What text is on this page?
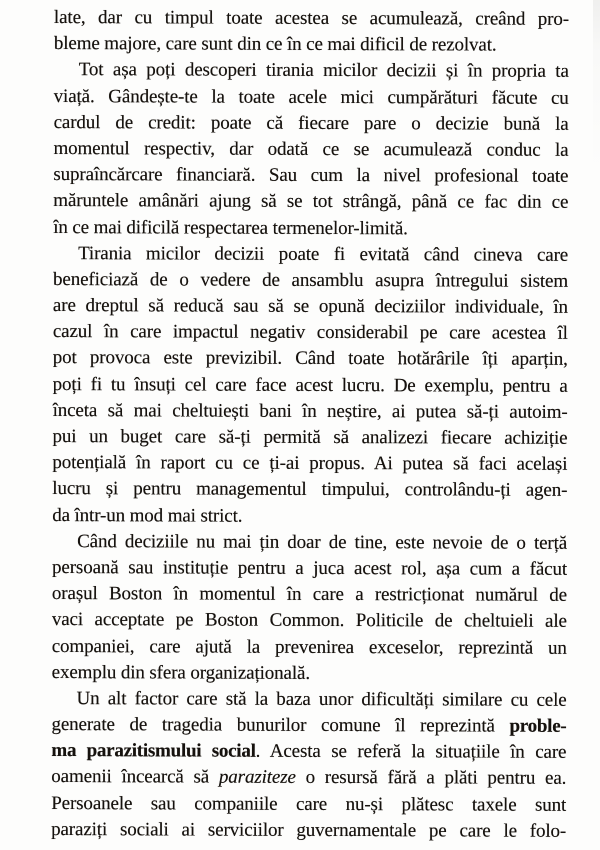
late, dar cu timpul toate acestea se acumulează, creând pro-
bleme majore, care sunt din ce în ce mai dificil de rezolvat.
Tot așa poți descoperi tirania micilor decizii și în propria ta
viață. Gândește-te la toate acele mici cumpărături făcute cu
cardul de credit: poate că fiecare pare o decizie bună la
momentul respectiv, dar odată ce se acumulează conduc la
supraîncărcare financiară. Sau cum la nivel profesional toate
măruntele amânări ajung să se tot strângă, până ce fac din ce
în ce mai dificilă respectarea termenelor-limită.
Tirania micilor decizii poate fi evitată când cineva care
beneficiază de o vedere de ansamblu asupra întregului sistem
are dreptul să reducă sau să se opună deciziilor individuale, în
cazul în care impactul negativ considerabil pe care acestea îl
pot provoca este previzibil. Când toate hotărârile îți aparțin,
poți fi tu însuți cel care face acest lucru. De exemplu, pentru a
înceta să mai cheltuiești bani în neștire, ai putea să-ți autoim-
pui un buget care să-ți permită să analizezi fiecare achiziție
potențială în raport cu ce ți-ai propus. Ai putea să faci același
lucru și pentru managementul timpului, controlându-ți agen-
da într-un mod mai strict.
Când deciziile nu mai țin doar de tine, este nevoie de o terță
persoană sau instituție pentru a juca acest rol, așa cum a făcut
orașul Boston în momentul în care a restricționat numărul de
vaci acceptate pe Boston Common. Politicile de cheltuieli ale
companiei, care ajută la prevenirea exceselor, reprezintă un
exemplu din sfera organizațională.
Un alt factor care stă la baza unor dificultăți similare cu cele
generate de tragedia bunurilor comune îl reprezintă proble-
ma parazitismului social. Acesta se referă la situațiile în care
oamenii încearcă să paraziteze o resursă fără a plăti pentru ea.
Persoanele sau companiile care nu-și plătesc taxele sunt
paraziți sociali ai serviciilor guvernamentale pe care le folo-
